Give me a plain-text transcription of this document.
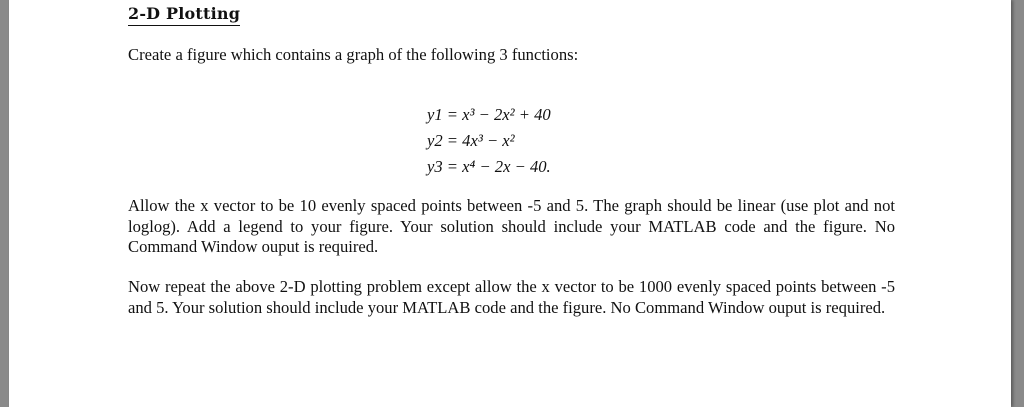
2-D Plotting
Create a figure which contains a graph of the following 3 functions:
y1 = x³ − 2x² + 40
y2 = 4x³ − x²
y3 = x⁴ − 2x − 40.
Allow the x vector to be 10 evenly spaced points between -5 and 5. The graph should be linear (use plot and not loglog). Add a legend to your figure. Your solution should include your MATLAB code and the figure. No Command Window ouput is required.
Now repeat the above 2-D plotting problem except allow the x vector to be 1000 evenly spaced points between -5 and 5. Your solution should include your MATLAB code and the figure. No Command Window ouput is required.
